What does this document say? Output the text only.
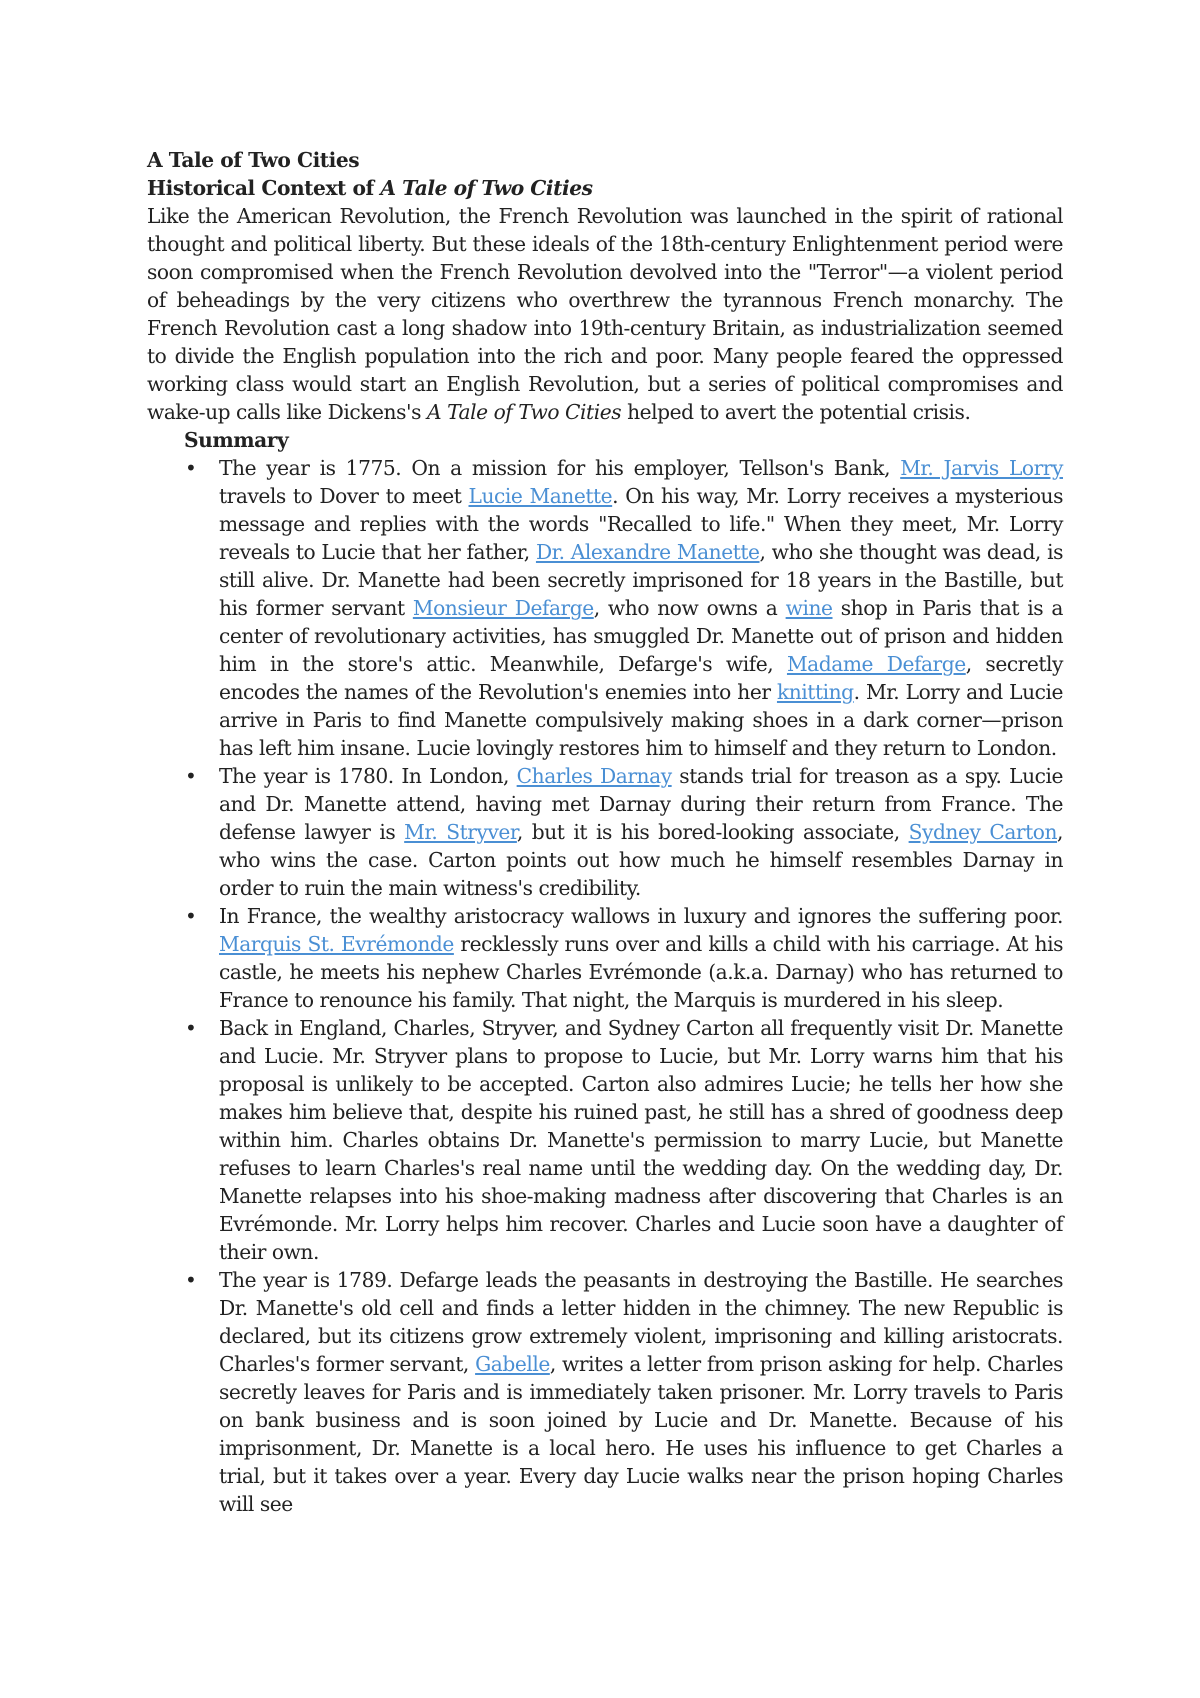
A Tale of Two Cities

Historical Context of A Tale of Two Cities

Like the American Revolution, the French Revolution was launched in the spirit of rational thought and political liberty. But these ideals of the 18th-century Enlightenment period were soon compromised when the French Revolution devolved into the "Terror"—a violent period of beheadings by the very citizens who overthrew the tyrannous French monarchy. The French Revolution cast a long shadow into 19th-century Britain, as industrialization seemed to divide the English population into the rich and poor. Many people feared the oppressed working class would start an English Revolution, but a series of political compromises and wake-up calls like Dickens's A Tale of Two Cities helped to avert the potential crisis.

Summary

• The year is 1775. On a mission for his employer, Tellson's Bank, Mr. Jarvis Lorry travels to Dover to meet Lucie Manette. On his way, Mr. Lorry receives a mysterious message and replies with the words "Recalled to life." When they meet, Mr. Lorry reveals to Lucie that her father, Dr. Alexandre Manette, who she thought was dead, is still alive. Dr. Manette had been secretly imprisoned for 18 years in the Bastille, but his former servant Monsieur Defarge, who now owns a wine shop in Paris that is a center of revolutionary activities, has smuggled Dr. Manette out of prison and hidden him in the store's attic. Meanwhile, Defarge's wife, Madame Defarge, secretly encodes the names of the Revolution's enemies into her knitting. Mr. Lorry and Lucie arrive in Paris to find Manette compulsively making shoes in a dark corner—prison has left him insane. Lucie lovingly restores him to himself and they return to London.
• The year is 1780. In London, Charles Darnay stands trial for treason as a spy. Lucie and Dr. Manette attend, having met Darnay during their return from France. The defense lawyer is Mr. Stryver, but it is his bored-looking associate, Sydney Carton, who wins the case. Carton points out how much he himself resembles Darnay in order to ruin the main witness's credibility.
• In France, the wealthy aristocracy wallows in luxury and ignores the suffering poor. Marquis St. Evrémonde recklessly runs over and kills a child with his carriage. At his castle, he meets his nephew Charles Evrémonde (a.k.a. Darnay) who has returned to France to renounce his family. That night, the Marquis is murdered in his sleep.
• Back in England, Charles, Stryver, and Sydney Carton all frequently visit Dr. Manette and Lucie. Mr. Stryver plans to propose to Lucie, but Mr. Lorry warns him that his proposal is unlikely to be accepted. Carton also admires Lucie; he tells her how she makes him believe that, despite his ruined past, he still has a shred of goodness deep within him. Charles obtains Dr. Manette's permission to marry Lucie, but Manette refuses to learn Charles's real name until the wedding day. On the wedding day, Dr. Manette relapses into his shoe-making madness after discovering that Charles is an Evrémonde. Mr. Lorry helps him recover. Charles and Lucie soon have a daughter of their own.
• The year is 1789. Defarge leads the peasants in destroying the Bastille. He searches Dr. Manette's old cell and finds a letter hidden in the chimney. The new Republic is declared, but its citizens grow extremely violent, imprisoning and killing aristocrats. Charles's former servant, Gabelle, writes a letter from prison asking for help. Charles secretly leaves for Paris and is immediately taken prisoner. Mr. Lorry travels to Paris on bank business and is soon joined by Lucie and Dr. Manette. Because of his imprisonment, Dr. Manette is a local hero. He uses his influence to get Charles a trial, but it takes over a year. Every day Lucie walks near the prison hoping Charles will see
